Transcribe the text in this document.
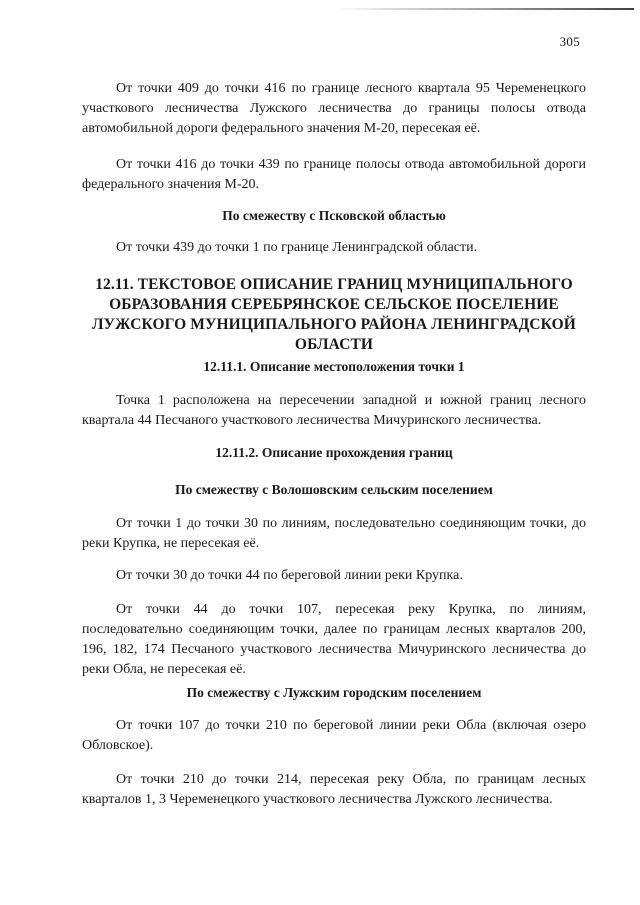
305

От точки 409 до точки 416 по границе лесного квартала 95 Череменецкого участкового лесничества Лужского лесничества до границы полосы отвода автомобильной дороги федерального значения М-20, пересекая её.

От точки 416 до точки 439 по границе полосы отвода автомобильной дороги федерального значения М-20.

По смежеству с Псковской областью

От точки 439 до точки 1 по границе Ленинградской области.

12.11. ТЕКСТОВОЕ ОПИСАНИЕ ГРАНИЦ МУНИЦИПАЛЬНОГО ОБРАЗОВАНИЯ СЕРЕБРЯНСКОЕ СЕЛЬСКОЕ ПОСЕЛЕНИЕ ЛУЖСКОГО МУНИЦИПАЛЬНОГО РАЙОНА ЛЕНИНГРАДСКОЙ ОБЛАСТИ
12.11.1. Описание местоположения точки 1

Точка 1 расположена на пересечении западной и южной границ лесного квартала 44 Песчаного участкового лесничества Мичуринского лесничества.

12.11.2. Описание прохождения границ
По смежеству с Волошовским сельским поселением

От точки 1 до точки 30 по линиям, последовательно соединяющим точки, до реки Крупка, не пересекая её.

От точки 30 до точки 44 по береговой линии реки Крупка.

От точки 44 до точки 107, пересекая реку Крупка, по линиям, последовательно соединяющим точки, далее по границам лесных кварталов 200, 196, 182, 174 Песчаного участкового лесничества Мичуринского лесничества до реки Обла, не пересекая её.

По смежеству с Лужским городским поселением

От точки 107 до точки 210 по береговой линии реки Обла (включая озеро Обловское).

От точки 210 до точки 214, пересекая реку Обла, по границам лесных кварталов 1, 3 Череменецкого участкового лесничества Лужского лесничества.
